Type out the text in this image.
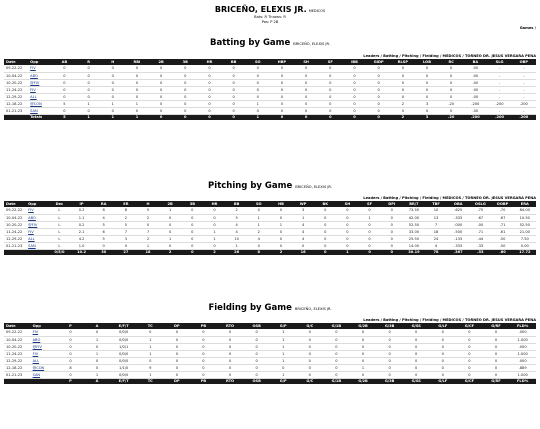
BRICEÑO, ELEXIS JR. MEDICOS
Bats: R Throws: R
Pos: P 2B
Games /
Batting by Game BRICEÑO, ELEXIS JR.
Leaders / Batting / Pitching / Fielding / MEDICOS / TORNEO DR. JESUS VERGARA PENA
Date	Opp	AB	R	H	RBI	2B	3B	HR	BB	SO	HBP	SH	SF	IBB	GIDP	RLSP	LOB	RC	BA	SLG	OBP
09-22-22	FIV	0	0	0	0	0	0	0	0	0	0	0	0	0	0	0	0	0	.00	-	-
10-04-22	ABO	0	0	0	0	0	0	0	0	0	0	0	0	0	0	0	0	0	.00	-	-
10-20-22	@FIV	0	0	0	0	0	0	0	0	0	0	0	0	0	0	0	0	0	.00	-	-
11-24-22	FIV	0	0	0	0	0	0	0	0	0	0	0	0	0	0	0	0	0	.00	-	-
12-29-22	ALL	0	0	0	0	0	0	0	0	0	0	0	0	0	0	0	0	0	.00	-	-
12-18-22	@CON	5	1	1	1	0	0	0	0	1	0	0	0	0	0	2	3	.20	.200	.200	.200
01-21-23	SAN	0	0	0	0	0	0	0	0	0	0	0	0	0	0	0	0	0	.00	-	-
	Totals	5	1	1	1	0	0	0	0	1	0	0	0	0	0	2	3	.20	.200	.200	.200
Pitching by Game BRICEÑO, ELEXIS JR.
Leaders / Batting / Pitching / Fielding / MEDICOS / TORNEO DR. JESUS VERGARA PENA
Date	Opp	Dec	IP	RA	ER	H	2B	3B	HR	BB	SO	HB	WP	BK	SH	SF	DPI	BR/7	TBF	OBA	OSLG	OOBP	ERA
09-22-22	FIV	L	0.2	8	8	5	1	0	0	2	0	0	3	0	0	0	0	73.50	10	.625	.75	.70	84.00
10-04-22	ABO	L	1.1	4	2	2	0	0	0	5	1	0	1	0	0	1	0	42.00	13	.333	.67	.67	10.50
10-20-22	@FIV	L	0.2	5	5	0	0	0	0	4	1	1	4	0	0	0	0	52.50	7	.000	.00	.71	52.50
11-24-22	FIV	L	2.1	6	7	7	0	0	1	4	2	0	4	0	0	0	0	33.00	18	.500	.71	.61	21.00
12-29-22	ALL	L	4.2	5	3	2	1	0	1	10	4	0	4	0	0	0	0	25.50	24	.133	.44	.50	7.50
01-21-23	SAN	L	1.0	0	0	1	0	0	0	1	0	0	0	0	0	0	0	14.00	4	.333	.33	.50	0.00
		0/5/0	10.2	30	27	18	2	0	2	26	8	2	16	0	1	0	0	30.19	78	.367	.53	.60	17.72
Fielding by Game BRICEÑO, ELEXIS JR.
Leaders / Batting / Pitching / Fielding / MEDICOS / TORNEO DR. JESUS VERGARA PENA
Date	Opp	P	A	E/F/T	TC	DP	PB	RTO	OSB	G/P	G/C	G/1B	G/2B	G/3B	G/SS	G/LF	G/CF	G/RF	FLD%
09-22-22	FIV	0	0	0/0/0	0	0	0	0	0	1	0	0	0	0	0	0	0	0	.000
10-04-22	ABO	0	1	0/0/0	1	0	0	0	0	1	0	0	0	0	0	0	0	0	1.000
10-20-22	@FIV	0	0	1/0/1	1	0	0	0	0	1	0	0	0	0	0	0	0	0	.000
11-24-22	FIV	0	1	0/0/0	1	0	0	0	0	1	0	0	0	0	0	0	0	0	1.000
12-29-22	ALL	0	0	0/0/0	0	0	0	0	0	1	0	0	0	0	0	0	0	0	.000
12-18-22	@CON	8	0	1/1/0	9	0	0	0	0	0	0	0	1	0	0	0	0	0	.889
01-21-23	SAN	0	1	0/0/0	1	0	0	0	0	1	0	0	0	0	0	0	0	0	1.000
		P	A	E/F/T	TC	DP	PB	RTO	OSB	G/P	G/C	G/1B	G/2B	G/3B	G/SS	G/LF	G/CF	G/RF	FLD%
